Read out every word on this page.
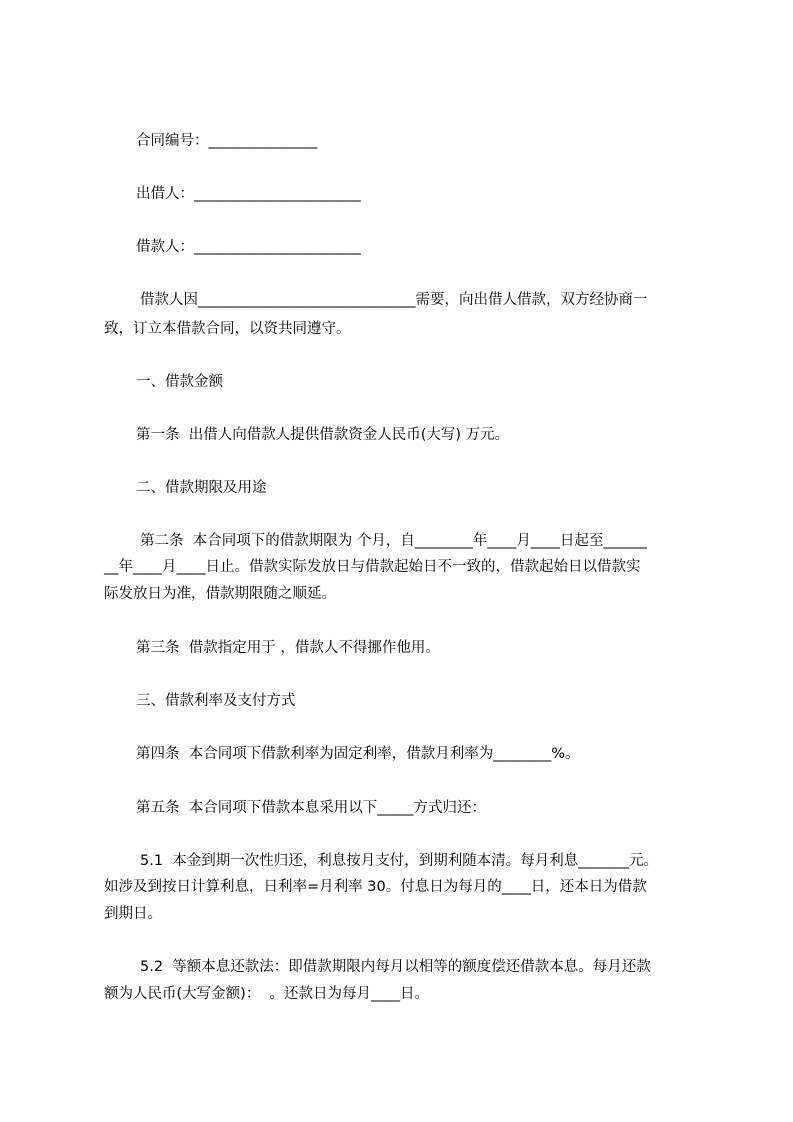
合同编号：_______________
出借人：_______________________
借款人：_______________________
借款人因______________________________需要，向出借人借款，双方经协商一
致，订立本借款合同，以资共同遵守。
一、借款金额
第一条  出借人向借款人提供借款资金人民币(大写) 万元。
二、借款期限及用途
第二条  本合同项下的借款期限为 个月，自________年____月____日起至______
__年____月____日止。借款实际发放日与借款起始日不一致的，借款起始日以借款实
际发放日为准，借款期限随之顺延。
第三条  借款指定用于 ，借款人不得挪作他用。
三、借款利率及支付方式
第四条  本合同项下借款利率为固定利率，借款月利率为________%。
第五条  本合同项下借款本息采用以下_____方式归还：
5.1  本金到期一次性归还，利息按月支付，到期利随本清。每月利息_______元。
如涉及到按日计算利息，日利率=月利率 30。付息日为每月的____日，还本日为借款
到期日。
5.2  等额本息还款法：即借款期限内每月以相等的额度偿还借款本息。每月还款
额为人民币(大写金额)：  。还款日为每月____日。
